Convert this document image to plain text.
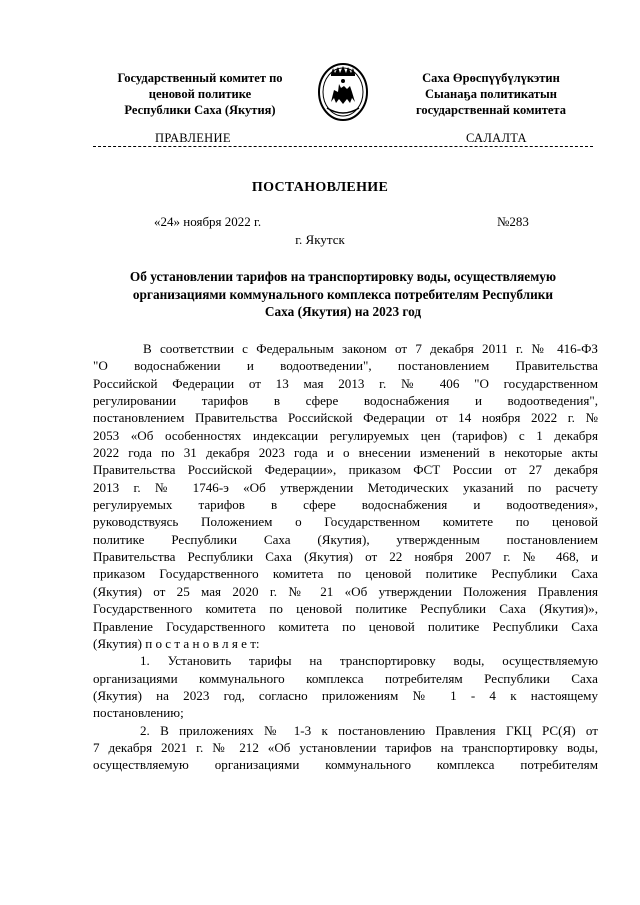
Государственный комитет по
ценовой политике
Республики Саха (Якутия)
Саха Өрөспүүбүлүкэтин
Сыанаҕа политикатын
государственнай комитета
ПРАВЛЕНИЕ	САЛАЛТА
ПОСТАНОВЛЕНИЕ
«24» ноября 2022 г.	№283
г. Якутск
Об установлении тарифов на транспортировку воды, осуществляемую
организациями коммунального комплекса потребителям Республики
Саха (Якутия) на 2023 год
В соответствии с Федеральным законом от 7 декабря 2011 г. № 416-ФЗ
"О водоснабжении и водоотведении", постановлением Правительства
Российской Федерации от 13 мая 2013 г. № 406 "О государственном
регулировании тарифов в сфере водоснабжения и водоотведения",
постановлением Правительства Российской Федерации от 14 ноября 2022 г. №
2053 «Об особенностях индексации регулируемых цен (тарифов) с 1 декабря
2022 года по 31 декабря 2023 года и о внесении изменений в некоторые акты
Правительства Российской Федерации», приказом ФСТ России от 27 декабря
2013 г. № 1746-э «Об утверждении Методических указаний по расчету
регулируемых тарифов в сфере водоснабжения и водоотведения»,
руководствуясь Положением о Государственном комитете по ценовой
политике Республики Саха (Якутия), утвержденным постановлением
Правительства Республики Саха (Якутия) от 22 ноября 2007 г. № 468, и
приказом Государственного комитета по ценовой политике Республики Саха
(Якутия) от 25 мая 2020 г. № 21 «Об утверждении Положения Правления
Государственного комитета по ценовой политике Республики Саха (Якутия)»,
Правление Государственного комитета по ценовой политике Республики Саха
(Якутия) п о с т а н о в л я е т:
1. Установить тарифы на транспортировку воды, осуществляемую
организациями коммунального комплекса потребителям Республики Саха
(Якутия) на 2023 год, согласно приложениям № 1 - 4 к настоящему
постановлению;
2. В приложениях № 1-3 к постановлению Правления ГКЦ РС(Я) от
7 декабря 2021 г. № 212 «Об установлении тарифов на транспортировку воды,
осуществляемую организациями коммунального комплекса потребителям
